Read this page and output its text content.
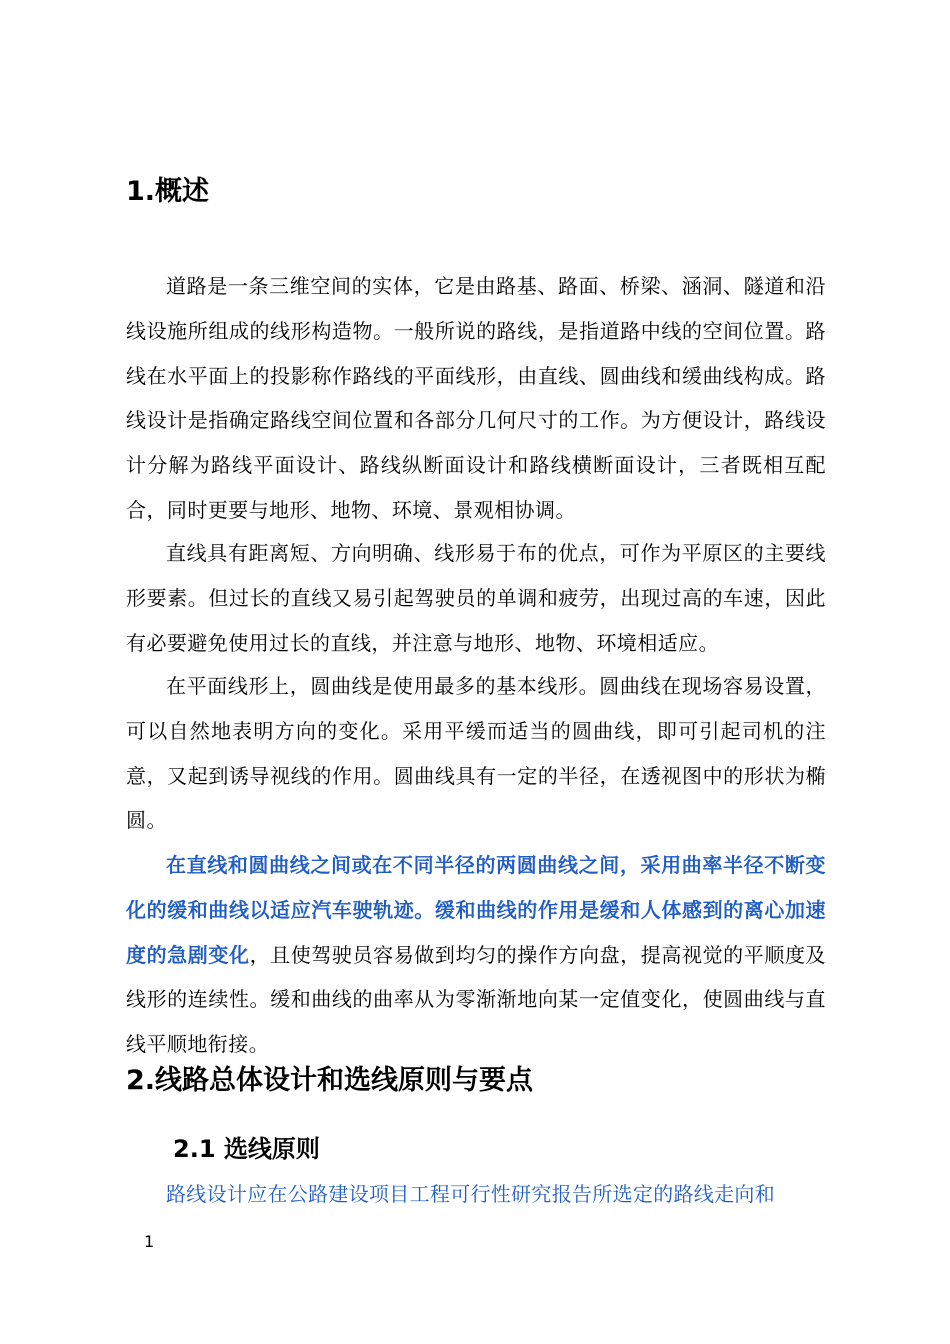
1.概述

道路是一条三维空间的实体，它是由路基、路面、桥梁、涵洞、隧道和沿线设施所组成的线形构造物。一般所说的路线，是指道路中线的空间位置。路线在水平面上的投影称作路线的平面线形，由直线、圆曲线和缓曲线构成。路线设计是指确定路线空间位置和各部分几何尺寸的工作。为方便设计，路线设计分解为路线平面设计、路线纵断面设计和路线横断面设计，三者既相互配合，同时更要与地形、地物、环境、景观相协调。

直线具有距离短、方向明确、线形易于布的优点，可作为平原区的主要线形要素。但过长的直线又易引起驾驶员的单调和疲劳，出现过高的车速，因此有必要避免使用过长的直线，并注意与地形、地物、环境相适应。

在平面线形上，圆曲线是使用最多的基本线形。圆曲线在现场容易设置，可以自然地表明方向的变化。采用平缓而适当的圆曲线，即可引起司机的注意，又起到诱导视线的作用。圆曲线具有一定的半径，在透视图中的形状为椭圆。

在直线和圆曲线之间或在不同半径的两圆曲线之间，采用曲率半径不断变化的缓和曲线以适应汽车驶轨迹。缓和曲线的作用是缓和人体感到的离心加速度的急剧变化，且使驾驶员容易做到均匀的操作方向盘，提高视觉的平顺度及线形的连续性。缓和曲线的曲率从为零渐渐地向某一定值变化，使圆曲线与直线平顺地衔接。

2.线路总体设计和选线原则与要点
2.1 选线原则

路线设计应在公路建设项目工程可行性研究报告所选定的路线走向和

1
